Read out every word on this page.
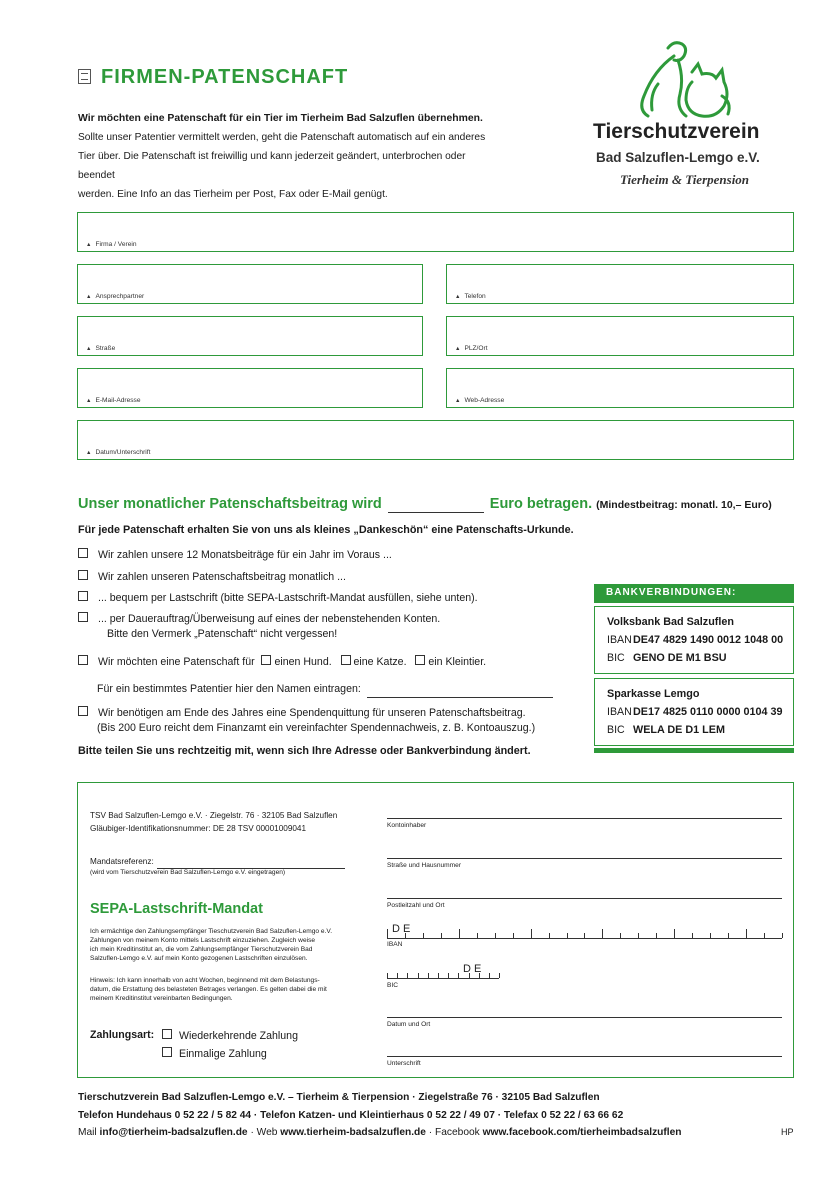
FIRMEN-PATENSCHAFT
Wir möchten eine Patenschaft für ein Tier im Tierheim Bad Salzuflen übernehmen.
Sollte unser Patentier vermittelt werden, geht die Patenschaft automatisch auf ein anderes
Tier über. Die Patenschaft ist freiwillig und kann jederzeit geändert, unterbrochen oder beendet
werden. Eine Info an das Tierheim per Post, Fax oder E-Mail genügt.
Tierschutzverein
Bad Salzuflen-Lemgo e.V.
Tierheim & Tierpension
▲ Firma / Verein
▲ Ansprechpartner	▲ Telefon
▲ Straße	▲ PLZ/Ort
▲ E-Mail-Adresse	▲ Web-Adresse
▲ Datum/Unterschrift
Unser monatlicher Patenschaftsbeitrag wird	Euro betragen. (Mindestbeitrag: monatl. 10,– Euro)
Für jede Patenschaft erhalten Sie von uns als kleines „Dankeschön“ eine Patenschafts-Urkunde.
Wir zahlen unsere 12 Monatsbeiträge für ein Jahr im Voraus ...
Wir zahlen unseren Patenschaftsbeitrag monatlich ...
... bequem per Lastschrift (bitte SEPA-Lastschrift-Mandat ausfüllen, siehe unten).
... per Dauerauftrag/Überweisung auf eines der nebenstehenden Konten.
Bitte den Vermerk „Patenschaft“ nicht vergessen!
Wir möchten eine Patenschaft für einen Hund. eine Katze. ein Kleintier.
Für ein bestimmtes Patentier hier den Namen eintragen:
Wir benötigen am Ende des Jahres eine Spendenquittung für unseren Patenschaftsbeitrag.
(Bis 200 Euro reicht dem Finanzamt ein vereinfachter Spendennachweis, z. B. Kontoauszug.)
Bitte teilen Sie uns rechtzeitig mit, wenn sich Ihre Adresse oder Bankverbindung ändert.
BANKVERBINDUNGEN:
Volksbank Bad Salzuflen
IBANDE47 4829 1490 0012 1048 00
BIC GENO DE M1 BSU
Sparkasse Lemgo
IBANDE17 4825 0110 0000 0104 39
BIC WELA DE D1 LEM
TSV Bad Salzuflen-Lemgo e.V. · Ziegelstr. 76 · 32105 Bad Salzuflen
Gläubiger-Identifikationsnummer: DE 28 TSV 00001009041
Mandatsreferenz:
(wird vom Tierschutzverein Bad Salzuflen-Lemgo e.V. eingetragen)
SEPA-Lastschrift-Mandat
Ich ermächtige den Zahlungsempfänger Tieschutzverein Bad Salzuflen-Lemgo e.V.
Zahlungen von meinem Konto mittels Lastschrift einzuziehen. Zugleich weise
ich mein Kreditinstitut an, die vom Zahlungsempfänger Tierschutzverein Bad
Salzuflen-Lemgo e.V. auf mein Konto gezogenen Lastschriften einzulösen.
Hinweis: Ich kann innerhalb von acht Wochen, beginnend mit dem Belastungs-
datum, die Erstattung des belasteten Betrages verlangen. Es gelten dabei die mit
meinem Kreditinstitut vereinbarten Bedingungen.
Zahlungsart:	Wiederkehrende Zahlung
Einmalige Zahlung
Kontoinhaber
Straße und Hausnummer
Postleitzahl und Ort
D E
IBAN
D E
BIC
Datum und Ort
Unterschrift
Tierschutzverein Bad Salzuflen-Lemgo e.V. – Tierheim & Tierpension · Ziegelstraße 76 · 32105 Bad Salzuflen
Telefon Hundehaus 0 52 22 / 5 82 44 · Telefon Katzen- und Kleintierhaus 0 52 22 / 49 07 · Telefax 0 52 22 / 63 66 62
Mail info@tierheim-badsalzuflen.de · Web www.tierheim-badsalzuflen.de · Facebook www.facebook.com/tierheimbadsalzuflen	HP
